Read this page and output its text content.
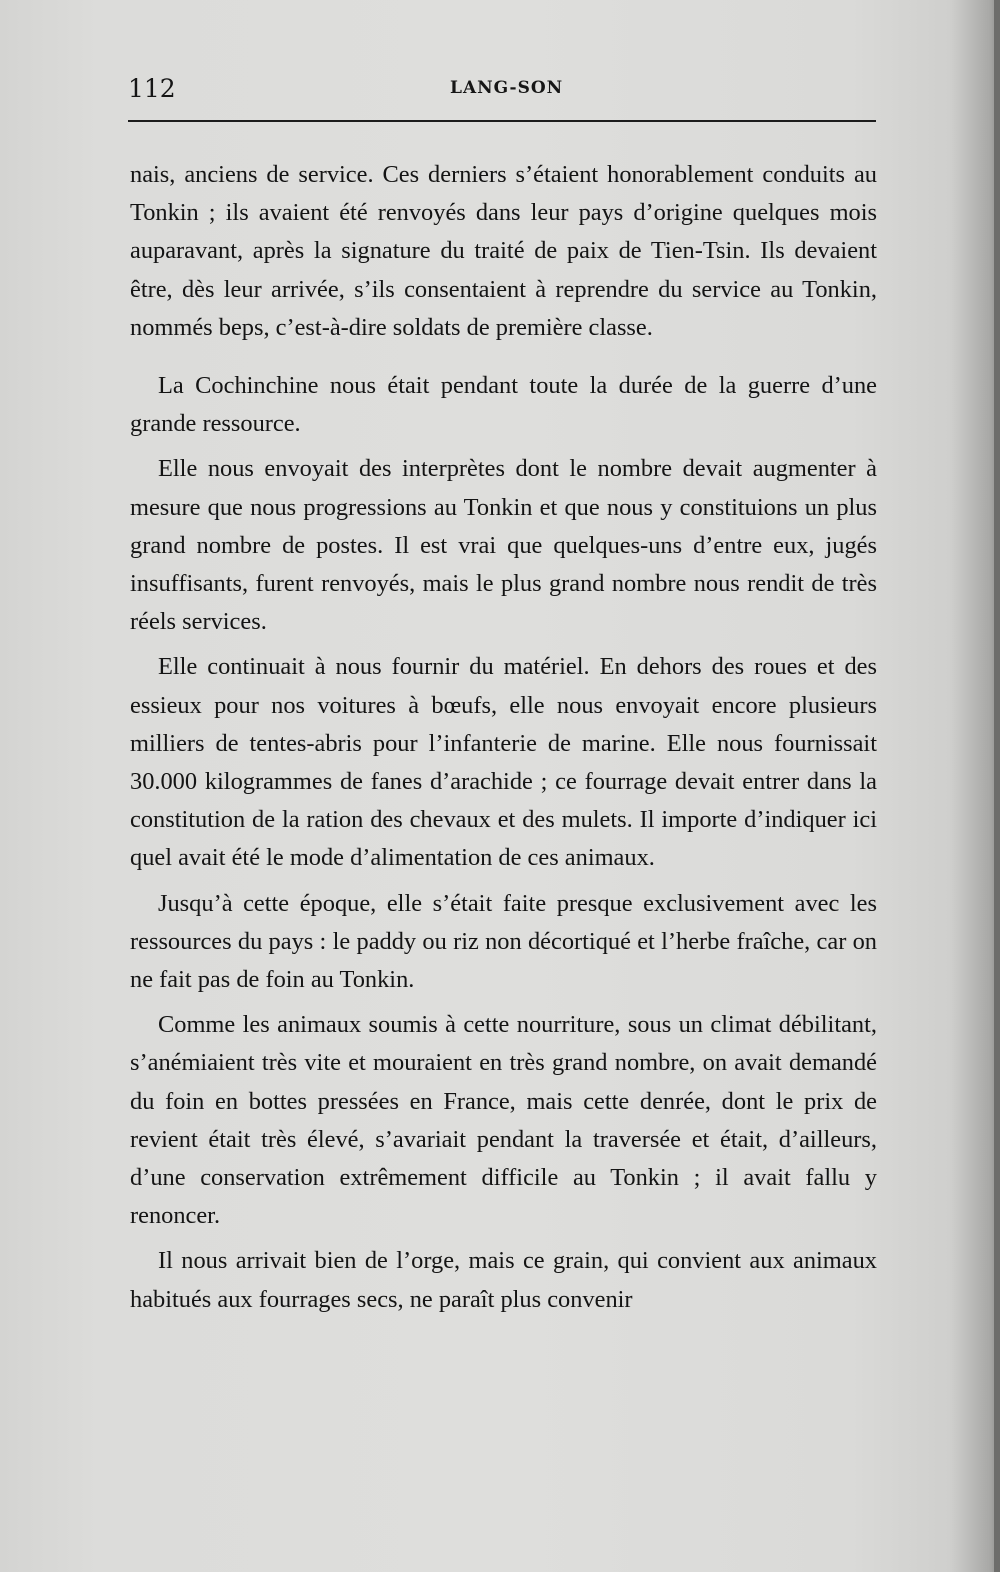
112	LANG-SON

nais, anciens de service. Ces derniers s’étaient honorablement conduits au Tonkin ; ils avaient été renvoyés dans leur pays d’origine quelques mois auparavant, après la signature du traité de paix de Tien-Tsin. Ils devaient être, dès leur arrivée, s’ils consentaient à reprendre du service au Tonkin, nommés beps, c’est-à-dire soldats de première classe.

La Cochinchine nous était pendant toute la durée de la guerre d’une grande ressource.

Elle nous envoyait des interprètes dont le nombre devait augmenter à mesure que nous progressions au Tonkin et que nous y constituions un plus grand nombre de postes. Il est vrai que quelques-uns d’entre eux, jugés insuffisants, furent renvoyés, mais le plus grand nombre nous rendit de très réels services.

Elle continuait à nous fournir du matériel. En dehors des roues et des essieux pour nos voitures à bœufs, elle nous envoyait encore plusieurs milliers de tentes-abris pour l’infanterie de marine. Elle nous fournissait 30.000 kilogrammes de fanes d’arachide ; ce fourrage devait entrer dans la constitution de la ration des chevaux et des mulets. Il importe d’indiquer ici quel avait été le mode d’alimentation de ces animaux.

Jusqu’à cette époque, elle s’était faite presque exclusivement avec les ressources du pays : le paddy ou riz non décortiqué et l’herbe fraîche, car on ne fait pas de foin au Tonkin.

Comme les animaux soumis à cette nourriture, sous un climat débilitant, s’anémiaient très vite et mouraient en très grand nombre, on avait demandé du foin en bottes pressées en France, mais cette denrée, dont le prix de revient était très élevé, s’avariait pendant la traversée et était, d’ailleurs, d’une conservation extrêmement difficile au Tonkin ; il avait fallu y renoncer.

Il nous arrivait bien de l’orge, mais ce grain, qui convient aux animaux habitués aux fourrages secs, ne paraît plus convenir
